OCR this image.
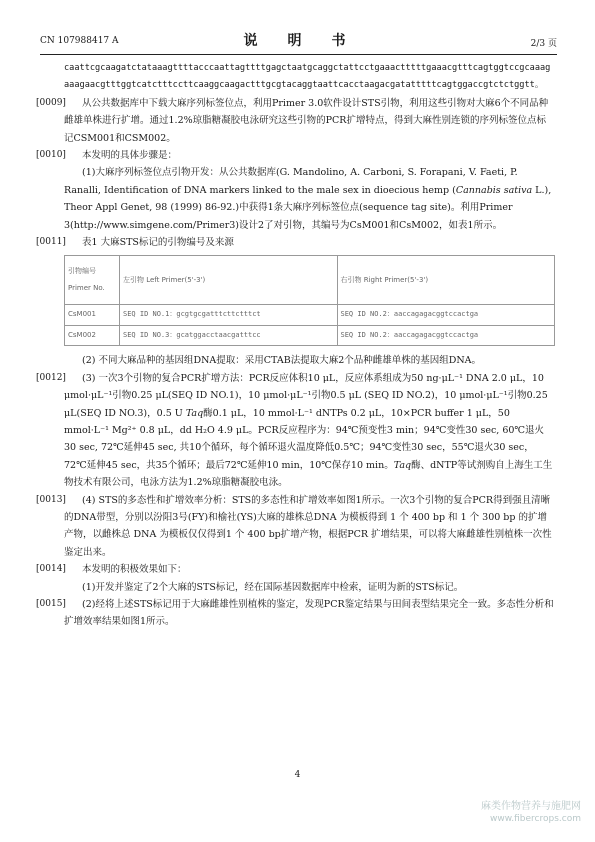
CN 107988417 A	说　明　书	2/3 页
caattcgcaagatctataaagttttacccaattagttttgagctaatgcaggctattcctgaaactttttgaaacgtttcagtggtccgcaaagaaagaacgtttggtcatctttccttcaaggcaagactttgcgtacaggtaattcacctaagacgatatttttcagtggaccgtctctggtt。
[0009]	从公共数据库中下载大麻序列标签位点，利用Primer 3.0软件设计STS引物，利用这些引物对大麻6个不同品种雌雄单株进行扩增。通过1.2%琼脂糖凝胶电泳研究这些引物的PCR扩增特点，得到大麻性别连锁的序列标签位点标记CSM001和CSM002。
[0010]	本发明的具体步骤是：
(1)大麻序列标签位点引物开发：从公共数据库(G. Mandolino, A. Carboni, S. Forapani, V. Faeti, P. Ranalli, Identification of DNA markers linked to the male sex in dioecious hemp (Cannabis sativa L.), Theor Appl Genet, 98 (1999) 86-92.)中获得1条大麻序列标签位点(sequence tag site)。利用Primer 3(http://www.simgene.com/Primer3)设计2了对引物，其编号为CsM001和CsM002，如表1所示。
[0011]	表1 大麻STS标记的引物编号及来源
引物编号 Primer No.	左引物 Left Primer(5'-3')	右引物 Right Primer(5'-3')
CsM001	SEQ ID NO.1：gcgtgcgatttcttctttct	SEQ ID NO.2：aaccagagacggtccactga
CsM002	SEQ ID NO.3：gcatggacctaacgatttcc	SEQ ID NO.2：aaccagagacggtccactga
(2) 不同大麻品种的基因组DNA提取：采用CTAB法提取大麻2个品种雌雄单株的基因组DNA。
[0012]	(3) 一次3个引物的复合PCR扩增方法：PCR反应体积10 μL，反应体系组成为50 ng·μL⁻¹ DNA 2.0 μL，10 μmol·μL⁻¹引物0.25 μL(SEQ ID NO.1)，10 μmol·μL⁻¹引物0.5 μL (SEQ ID NO.2)，10 μmol·μL⁻¹引物0.25 μL(SEQ ID NO.3)，0.5 U Taq酶0.1 μL，10 mmol·L⁻¹ dNTPs 0.2 μL，10×PCR buffer 1 μL，50 mmol·L⁻¹ Mg²⁺ 0.8 μL，dd H₂O 4.9 μL。PCR反应程序为：94℃预变性3 min；94℃变性30 sec, 60℃退火30 sec, 72℃延伸45 sec, 共10个循环，每个循环退火温度降低0.5℃；94℃变性30 sec，55℃退火30 sec，72℃延伸45 sec，共35个循环；最后72℃延伸10 min，10℃保存10 min。Taq酶、dNTP等试剂购自上海生工生物技术有限公司，电泳方法为1.2%琼脂糖凝胶电泳。
[0013]	(4) STS的多态性和扩增效率分析：STS的多态性和扩增效率如图1所示。一次3个引物的复合PCR得到强且清晰的DNA带型，分别以汾阳3号(FY)和榆社(YS)大麻的雄株总DNA 为模板得到 1 个 400 bp 和 1 个 300 bp 的扩增产物，以雌株总 DNA 为模板仅仅得到1 个 400 bp扩增产物，根据PCR 扩增结果，可以将大麻雌雄性别植株一次性鉴定出来。
[0014]	本发明的积极效果如下：
(1)开发并鉴定了2个大麻的STS标记，经在国际基因数据库中检索，证明为新的STS标记。
[0015]	(2)经将上述STS标记用于大麻雌雄性别植株的鉴定，发现PCR鉴定结果与田间表型结果完全一致。多态性分析和扩增效率结果如图1所示。
4
麻类作物营养与施肥网
www.fibercrops.com
